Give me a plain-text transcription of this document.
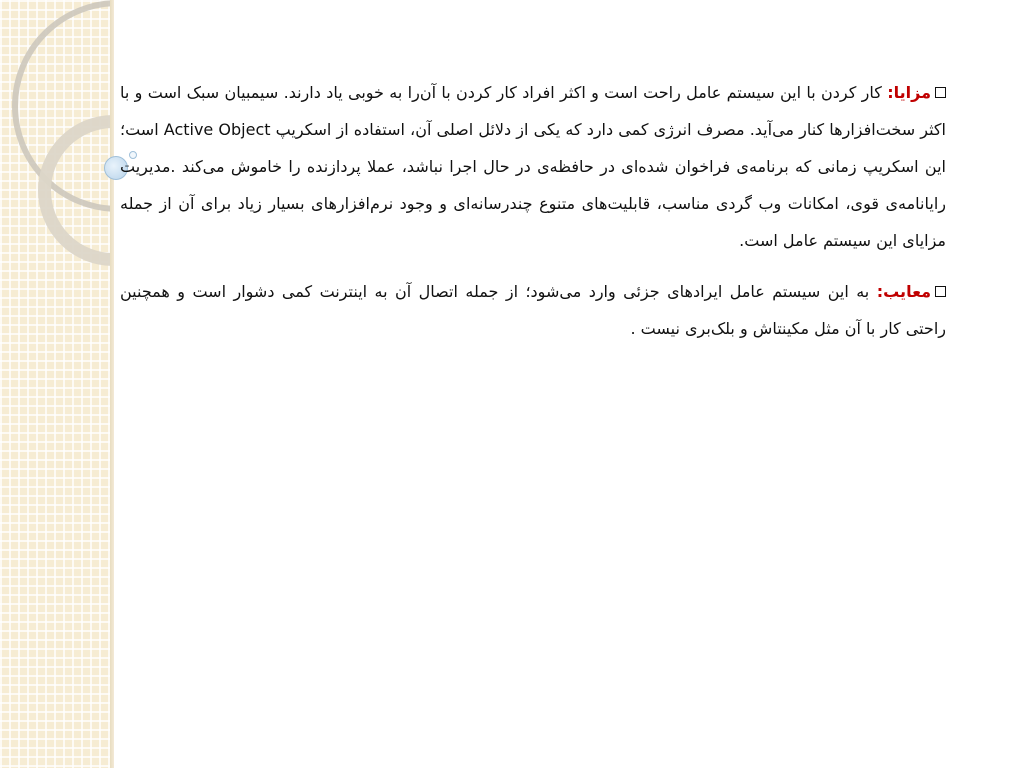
مزایا: کار کردن با این سیستم عامل راحت است و اکثر افراد کار کردن با آن‌را به خوبی یاد دارند. سیمبیان سبک است و با اکثر سخت‌افزارها کنار می‌آید. مصرف انرژی کمی دارد که یکی از دلائل اصلی آن، استفاده از اسکریپ Active Object است؛ این اسکریپ زمانی که برنامه‌ی فراخوان شده‌ای در حافظه‌ی در حال اجرا نباشد، عملا پردازنده را خاموش می‌کند .مدیریت رایانامه‌ی قوی، امکانات وب گردی مناسب، قابلیت‌های متنوع چندرسانه‌ای و وجود نرم‌افزارهای بسیار زیاد برای آن از جمله مزایای این سیستم عامل است.

معایب: به این سیستم عامل ایرادهای جزئی وارد می‌شود؛ از جمله اتصال آن به اینترنت کمی دشوار است و همچنین راحتی کار با آن مثل مکینتاش و بلک‌بری نیست .
